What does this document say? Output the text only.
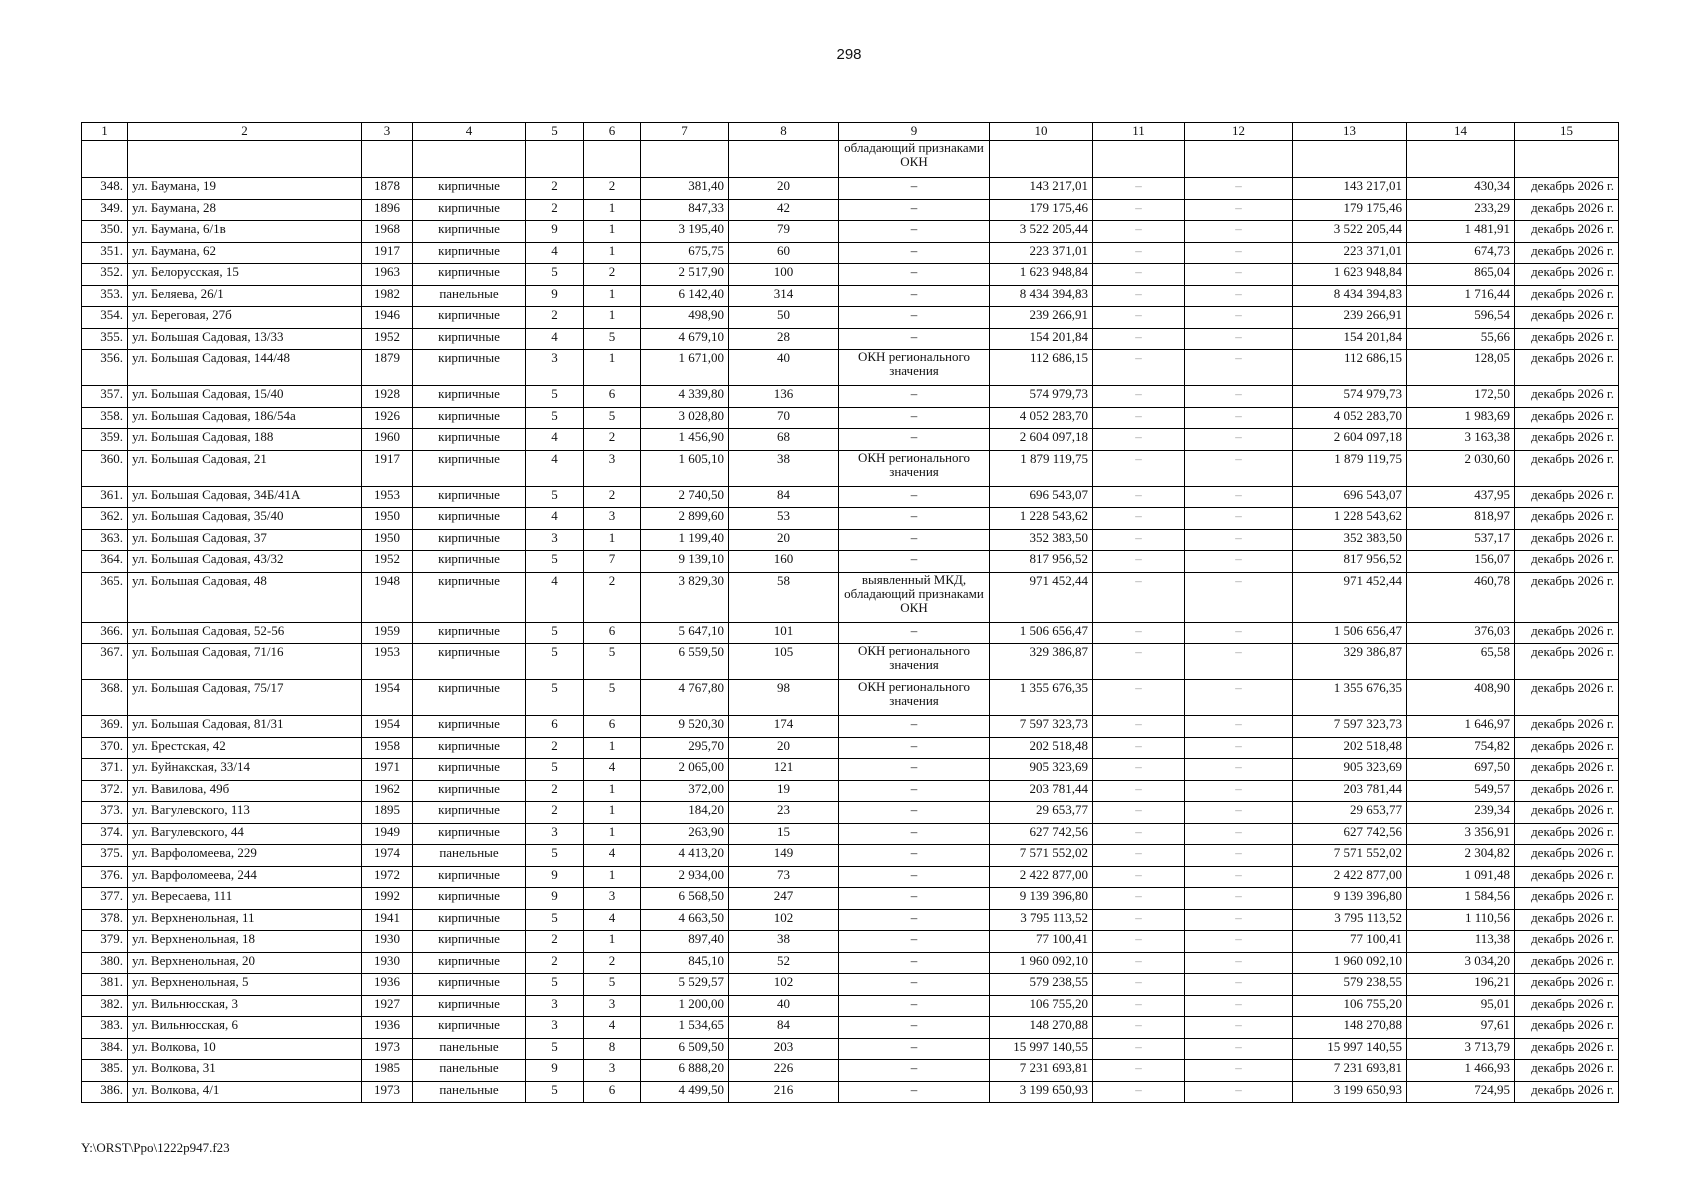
298
1	2	3	4	5	6	7	8	9	10	11	12	13	14	15
								обладающий признаками ОКН						
348.	ул. Баумана, 19	1878	кирпичные	2	2	381,40	20	–	143 217,01	–	–	143 217,01	430,34	декабрь 2026 г.
349.	ул. Баумана, 28	1896	кирпичные	2	1	847,33	42	–	179 175,46	–	–	179 175,46	233,29	декабрь 2026 г.
350.	ул. Баумана, 6/1в	1968	кирпичные	9	1	3 195,40	79	–	3 522 205,44	–	–	3 522 205,44	1 481,91	декабрь 2026 г.
351.	ул. Баумана, 62	1917	кирпичные	4	1	675,75	60	–	223 371,01	–	–	223 371,01	674,73	декабрь 2026 г.
352.	ул. Белорусская, 15	1963	кирпичные	5	2	2 517,90	100	–	1 623 948,84	–	–	1 623 948,84	865,04	декабрь 2026 г.
353.	ул. Беляева, 26/1	1982	панельные	9	1	6 142,40	314	–	8 434 394,83	–	–	8 434 394,83	1 716,44	декабрь 2026 г.
354.	ул. Береговая, 27б	1946	кирпичные	2	1	498,90	50	–	239 266,91	–	–	239 266,91	596,54	декабрь 2026 г.
355.	ул. Большая Садовая, 13/33	1952	кирпичные	4	5	4 679,10	28	–	154 201,84	–	–	154 201,84	55,66	декабрь 2026 г.
356.	ул. Большая Садовая, 144/48	1879	кирпичные	3	1	1 671,00	40	ОКН регионального значения	112 686,15	–	–	112 686,15	128,05	декабрь 2026 г.
357.	ул. Большая Садовая, 15/40	1928	кирпичные	5	6	4 339,80	136	–	574 979,73	–	–	574 979,73	172,50	декабрь 2026 г.
358.	ул. Большая Садовая, 186/54а	1926	кирпичные	5	5	3 028,80	70	–	4 052 283,70	–	–	4 052 283,70	1 983,69	декабрь 2026 г.
359.	ул. Большая Садовая, 188	1960	кирпичные	4	2	1 456,90	68	–	2 604 097,18	–	–	2 604 097,18	3 163,38	декабрь 2026 г.
360.	ул. Большая Садовая, 21	1917	кирпичные	4	3	1 605,10	38	ОКН регионального значения	1 879 119,75	–	–	1 879 119,75	2 030,60	декабрь 2026 г.
361.	ул. Большая Садовая, 34Б/41А	1953	кирпичные	5	2	2 740,50	84	–	696 543,07	–	–	696 543,07	437,95	декабрь 2026 г.
362.	ул. Большая Садовая, 35/40	1950	кирпичные	4	3	2 899,60	53	–	1 228 543,62	–	–	1 228 543,62	818,97	декабрь 2026 г.
363.	ул. Большая Садовая, 37	1950	кирпичные	3	1	1 199,40	20	–	352 383,50	–	–	352 383,50	537,17	декабрь 2026 г.
364.	ул. Большая Садовая, 43/32	1952	кирпичные	5	7	9 139,10	160	–	817 956,52	–	–	817 956,52	156,07	декабрь 2026 г.
365.	ул. Большая Садовая, 48	1948	кирпичные	4	2	3 829,30	58	выявленный МКД, обладающий признаками ОКН	971 452,44	–	–	971 452,44	460,78	декабрь 2026 г.
366.	ул. Большая Садовая, 52-56	1959	кирпичные	5	6	5 647,10	101	–	1 506 656,47	–	–	1 506 656,47	376,03	декабрь 2026 г.
367.	ул. Большая Садовая, 71/16	1953	кирпичные	5	5	6 559,50	105	ОКН регионального значения	329 386,87	–	–	329 386,87	65,58	декабрь 2026 г.
368.	ул. Большая Садовая, 75/17	1954	кирпичные	5	5	4 767,80	98	ОКН регионального значения	1 355 676,35	–	–	1 355 676,35	408,90	декабрь 2026 г.
369.	ул. Большая Садовая, 81/31	1954	кирпичные	6	6	9 520,30	174	–	7 597 323,73	–	–	7 597 323,73	1 646,97	декабрь 2026 г.
370.	ул. Брестская, 42	1958	кирпичные	2	1	295,70	20	–	202 518,48	–	–	202 518,48	754,82	декабрь 2026 г.
371.	ул. Буйнакская, 33/14	1971	кирпичные	5	4	2 065,00	121	–	905 323,69	–	–	905 323,69	697,50	декабрь 2026 г.
372.	ул. Вавилова, 49б	1962	кирпичные	2	1	372,00	19	–	203 781,44	–	–	203 781,44	549,57	декабрь 2026 г.
373.	ул. Вагулевского, 113	1895	кирпичные	2	1	184,20	23	–	29 653,77	–	–	29 653,77	239,34	декабрь 2026 г.
374.	ул. Вагулевского, 44	1949	кирпичные	3	1	263,90	15	–	627 742,56	–	–	627 742,56	3 356,91	декабрь 2026 г.
375.	ул. Варфоломеева, 229	1974	панельные	5	4	4 413,20	149	–	7 571 552,02	–	–	7 571 552,02	2 304,82	декабрь 2026 г.
376.	ул. Варфоломеева, 244	1972	кирпичные	9	1	2 934,00	73	–	2 422 877,00	–	–	2 422 877,00	1 091,48	декабрь 2026 г.
377.	ул. Вересаева, 111	1992	кирпичные	9	3	6 568,50	247	–	9 139 396,80	–	–	9 139 396,80	1 584,56	декабрь 2026 г.
378.	ул. Верхненольная, 11	1941	кирпичные	5	4	4 663,50	102	–	3 795 113,52	–	–	3 795 113,52	1 110,56	декабрь 2026 г.
379.	ул. Верхненольная, 18	1930	кирпичные	2	1	897,40	38	–	77 100,41	–	–	77 100,41	113,38	декабрь 2026 г.
380.	ул. Верхненольная, 20	1930	кирпичные	2	2	845,10	52	–	1 960 092,10	–	–	1 960 092,10	3 034,20	декабрь 2026 г.
381.	ул. Верхненольная, 5	1936	кирпичные	5	5	5 529,57	102	–	579 238,55	–	–	579 238,55	196,21	декабрь 2026 г.
382.	ул. Вильнюсская, 3	1927	кирпичные	3	3	1 200,00	40	–	106 755,20	–	–	106 755,20	95,01	декабрь 2026 г.
383.	ул. Вильнюсская, 6	1936	кирпичные	3	4	1 534,65	84	–	148 270,88	–	–	148 270,88	97,61	декабрь 2026 г.
384.	ул. Волкова, 10	1973	панельные	5	8	6 509,50	203	–	15 997 140,55	–	–	15 997 140,55	3 713,79	декабрь 2026 г.
385.	ул. Волкова, 31	1985	панельные	9	3	6 888,20	226	–	7 231 693,81	–	–	7 231 693,81	1 466,93	декабрь 2026 г.
386.	ул. Волкова, 4/1	1973	панельные	5	6	4 499,50	216	–	3 199 650,93	–	–	3 199 650,93	724,95	декабрь 2026 г.
Y:\ORST\Ppo\1222p947.f23
